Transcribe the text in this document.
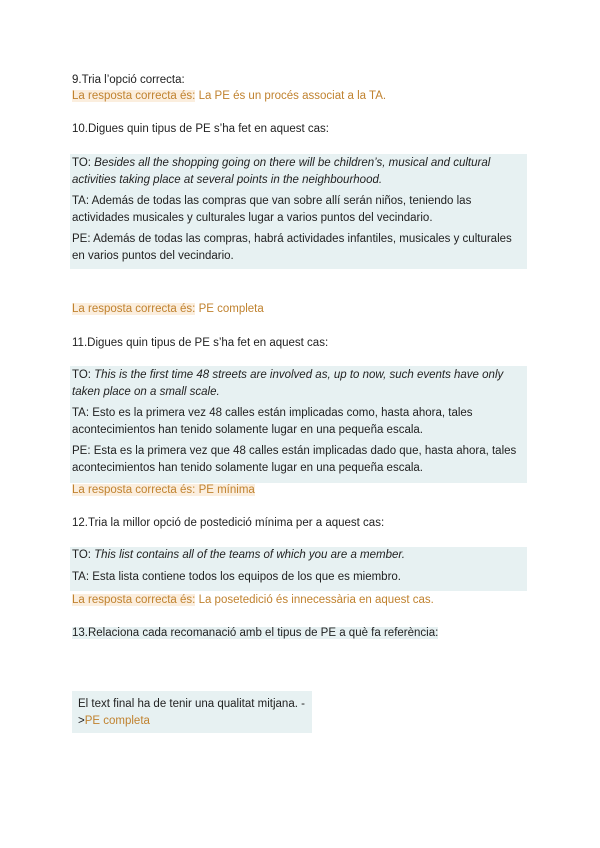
9.Tria l’opció correcta:
La resposta correcta és: La PE és un procés associat a la TA.
10.Digues quin tipus de PE s’ha fet en aquest cas:

TO: Besides all the shopping going on there will be children’s, musical and cultural activities taking place at several points in the neighbourhood.

TA: Además de todas las compras que van sobre allí serán niños, teniendo las actividades musicales y culturales lugar a varios puntos del vecindario.

PE: Además de todas las compras, habrá actividades infantiles, musicales y culturales en varios puntos del vecindario.

La resposta correcta és: PE completa
11.Digues quin tipus de PE s’ha fet en aquest cas:

TO: This is the first time 48 streets are involved as, up to now, such events have only taken place on a small scale.

TA: Esto es la primera vez 48 calles están implicadas como, hasta ahora, tales acontecimientos han tenido solamente lugar en una pequeña escala.

PE: Esta es la primera vez que 48 calles están implicadas dado que, hasta ahora, tales acontecimientos han tenido solamente lugar en una pequeña escala.

La resposta correcta és: PE mínima
12.Tria la millor opció de postedició mínima per a aquest cas:

TO: This list contains all of the teams of which you are a member.

TA: Esta lista contiene todos los equipos de los que es miembro.

La resposta correcta és: La posetedició és innecessària en aquest cas.
13.Relaciona cada recomanació amb el tipus de PE a què fa referència:
El text final ha de tenir una qualitat mitjana. ->PE completa
